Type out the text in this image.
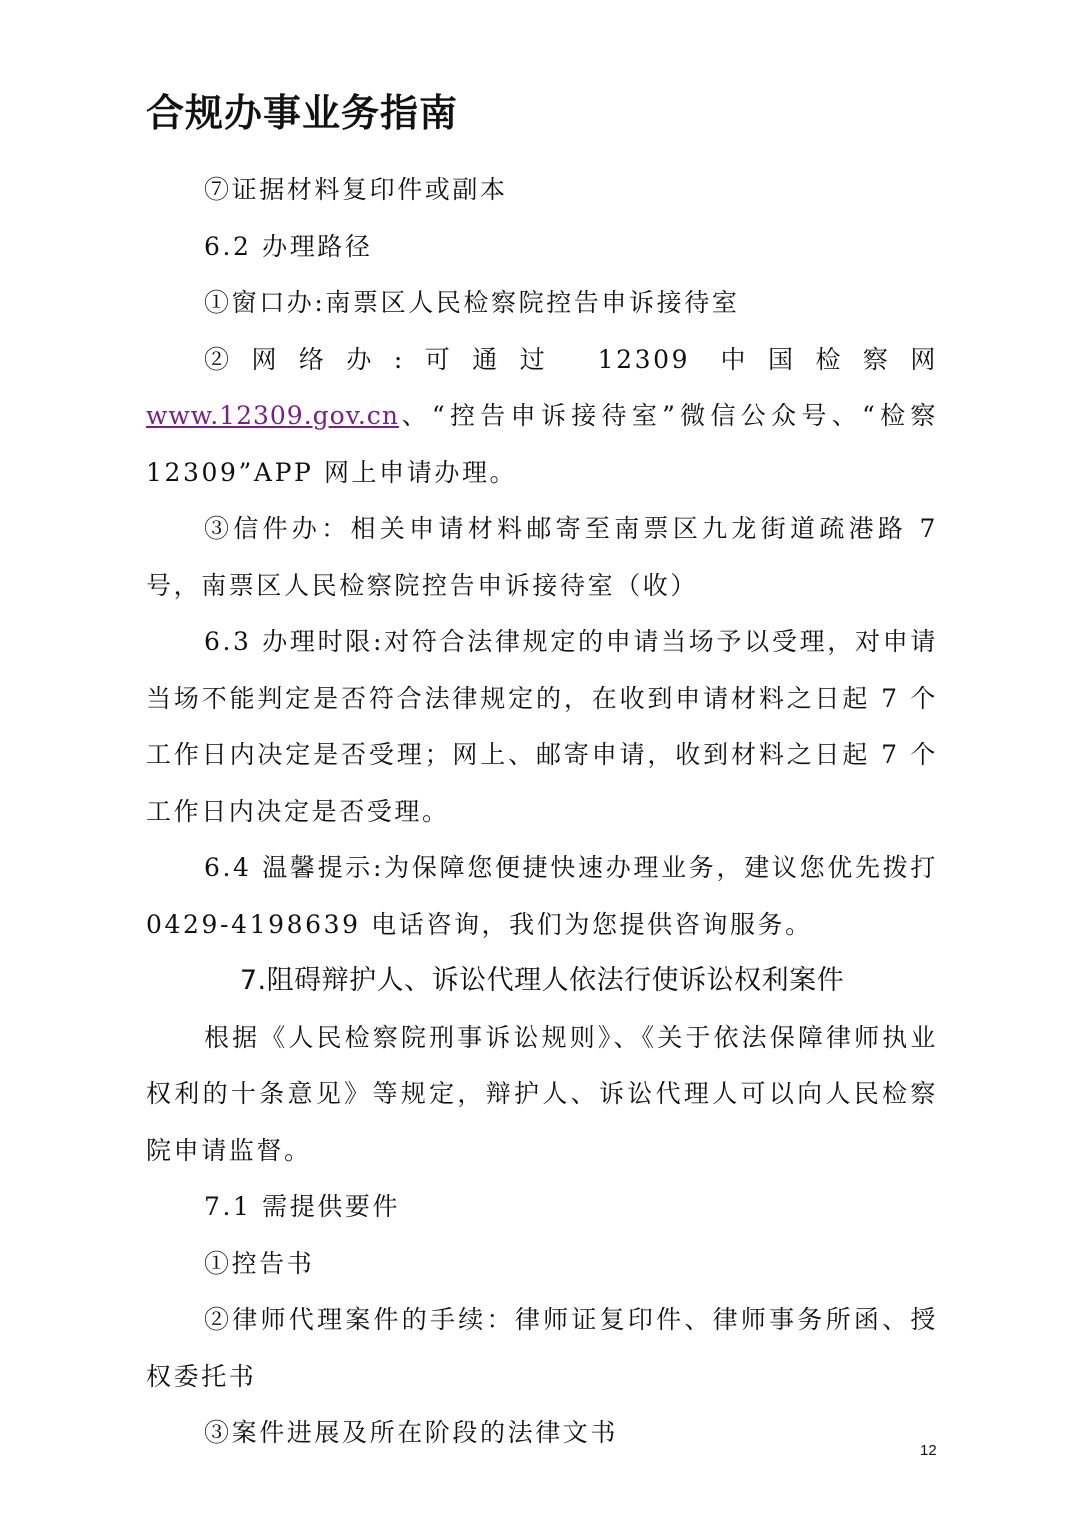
合规办事业务指南

⑦证据材料复印件或副本

6.2 办理路径

①窗口办:南票区人民检察院控告申诉接待室

②网络办:可通过 12309 中国检察网 www.12309.gov.cn、“控告申诉接待室”微信公众号、“检察 12309”APP 网上申请办理。

③信件办：相关申请材料邮寄至南票区九龙街道疏港路 7 号，南票区人民检察院控告申诉接待室（收）

6.3 办理时限:对符合法律规定的申请当场予以受理，对申请当场不能判定是否符合法律规定的，在收到申请材料之日起 7 个工作日内决定是否受理；网上、邮寄申请，收到材料之日起 7 个工作日内决定是否受理。

6.4 温馨提示:为保障您便捷快速办理业务，建议您优先拨打 0429-4198639 电话咨询，我们为您提供咨询服务。

7.阻碍辩护人、诉讼代理人依法行使诉讼权利案件

根据《人民检察院刑事诉讼规则》、《关于依法保障律师执业权利的十条意见》等规定，辩护人、诉讼代理人可以向人民检察院申请监督。

7.1 需提供要件

①控告书

②律师代理案件的手续：律师证复印件、律师事务所函、授权委托书

③案件进展及所在阶段的法律文书

12
